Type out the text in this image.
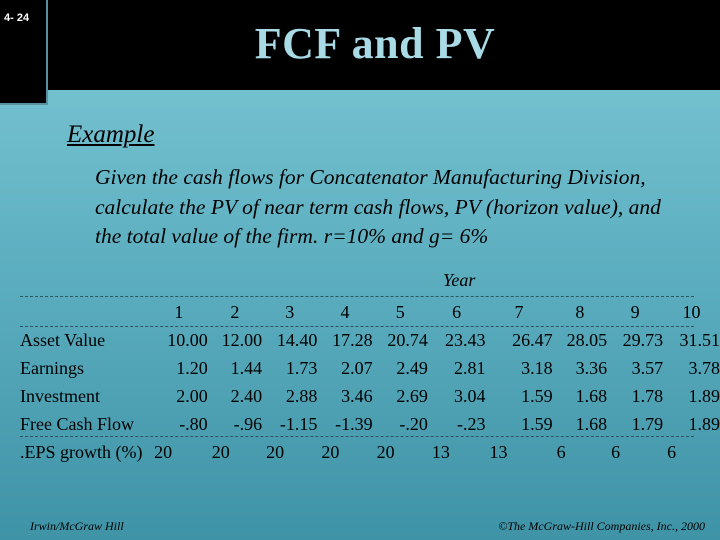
4- 24
FCF and PV
Example
Given the cash flows for Concatenator Manufacturing Division, calculate the PV of near term cash flows, PV (horizon value), and the total value of the firm. r=10% and g= 6%
Year
	1	2	3	4	5	6	7	8	9	10
Asset Value	10.00	12.00	14.40	17.28	20.74	23.43	26.47	28.05	29.73	31.51
Earnings	1.20	1.44	1.73	2.07	2.49	2.81	3.18	3.36	3.57	3.78
Investment	2.00	2.40	2.88	3.46	2.69	3.04	1.59	1.68	1.78	1.89
Free Cash Flow	-.80	-.96	-1.15	-1.39	-.20	-.23	1.59	1.68	1.79	1.89
.EPS growth (%)	20	20	20	20	20	13	13	6	6	6
Irwin/McGraw Hill	©The McGraw-Hill Companies, Inc., 2000
